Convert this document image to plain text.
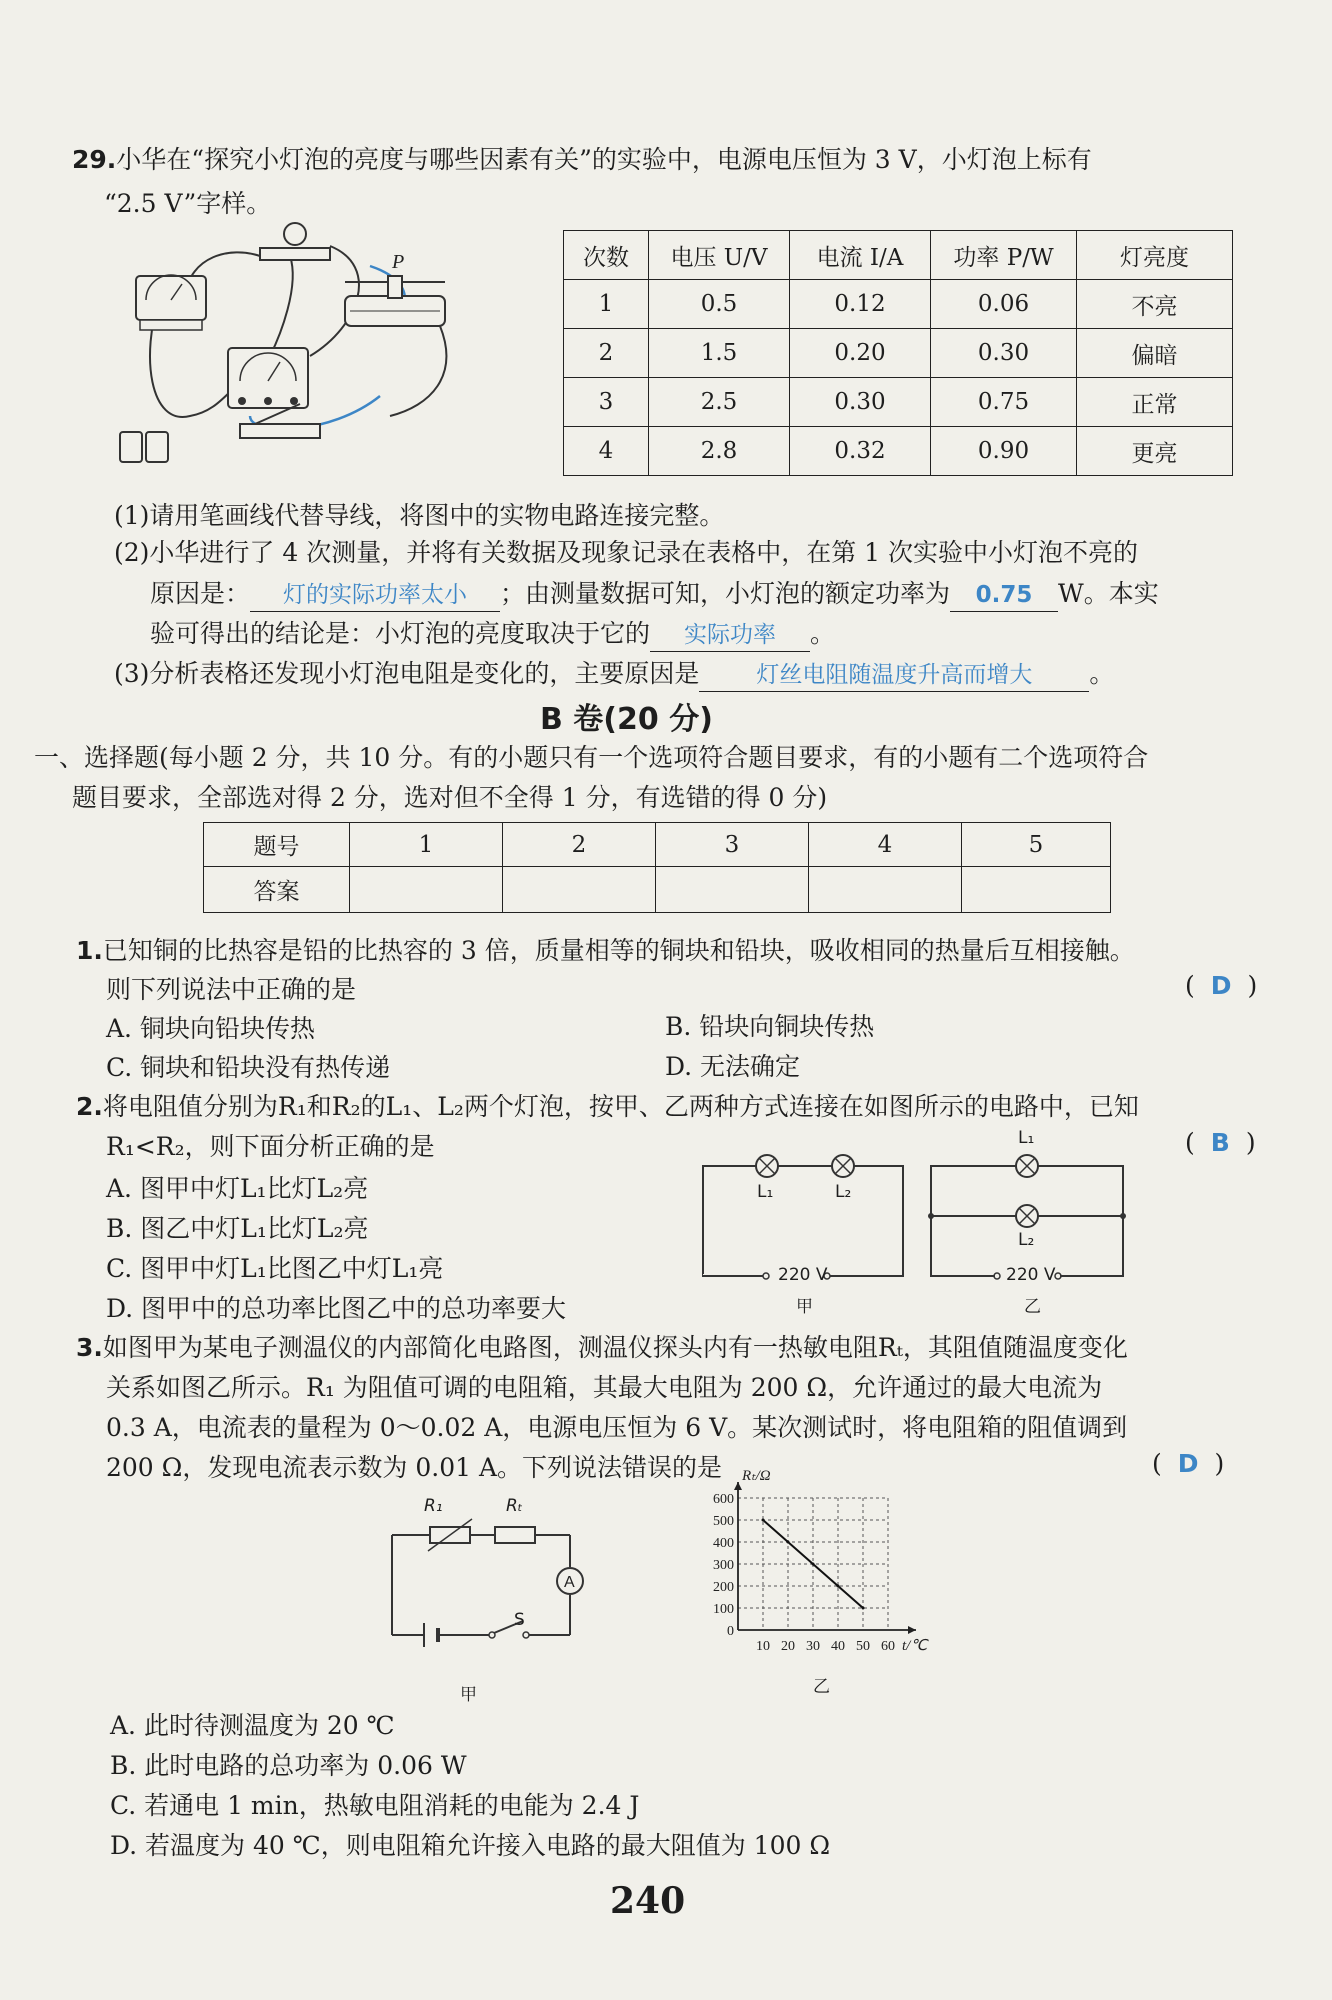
29.小华在“探究小灯泡的亮度与哪些因素有关”的实验中，电源电压恒为 3 V，小灯泡上标有
“2.5 V”字样。
P	次数	电压 U/V	电流 I/A	功率 P/W	灯亮度
1	0.5	0.12	0.06	不亮
2	1.5	0.20	0.30	偏暗
3	2.5	0.30	0.75	正常
4	2.8	0.32	0.90	更亮
(1)请用笔画线代替导线，将图中的实物电路连接完整。
(2)小华进行了 4 次测量，并将有关数据及现象记录在表格中，在第 1 次实验中小灯泡不亮的
原因是： 灯的实际功率太小 ；由测量数据可知，小灯泡的额定功率为 0.75 W。本实
验可得出的结论是：小灯泡的亮度取决于它的 实际功率 。
(3)分析表格还发现小灯泡电阻是变化的，主要原因是 灯丝电阻随温度升高而增大 。
B 卷(20 分)
一、选择题(每小题 2 分，共 10 分。有的小题只有一个选项符合题目要求，有的小题有二个选项符合
题目要求，全部选对得 2 分，选对但不全得 1 分，有选错的得 0 分)
题号	1	2	3	4	5
答案					
1.已知铜的比热容是铅的比热容的 3 倍，质量相等的铜块和铅块，吸收相同的热量后互相接触。
则下列说法中正确的是	( D )
A. 铜块向铅块传热	B. 铅块向铜块传热
C. 铜块和铅块没有热传递	D. 无法确定
2.将电阻值分别为R₁和R₂的L₁、L₂两个灯泡，按甲、乙两种方式连接在如图所示的电路中，已知
R₁<R₂，则下面分析正确的是	( B )
A. 图甲中灯L₁比灯L₂亮
B. 图乙中灯L₁比灯L₂亮
C. 图甲中灯L₁比图乙中灯L₁亮
D. 图甲中的总功率比图乙中的总功率要大
L₁	L₂
220 V
甲
L₁
L₂
220 V
乙
3.如图甲为某电子测温仪的内部简化电路图，测温仪探头内有一热敏电阻Rₜ，其阻值随温度变化
关系如图乙所示。R₁ 为阻值可调的电阻箱，其最大电阻为 200 Ω，允许通过的最大电流为
0.3 A，电流表的量程为 0～0.02 A，电源电压恒为 6 V。某次测试时，将电阻箱的阻值调到
200 Ω，发现电流表示数为 0.01 A。下列说法错误的是	( D )
A
R₁	Rₜ
S
甲
0
100
200
300
400
500
600
10 20 30 40 50 60
Rₜ/Ω
t/℃
乙
A. 此时待测温度为 20 ℃
B. 此时电路的总功率为 0.06 W
C. 若通电 1 min，热敏电阻消耗的电能为 2.4 J
D. 若温度为 40 ℃，则电阻箱允许接入电路的最大阻值为 100 Ω
240
